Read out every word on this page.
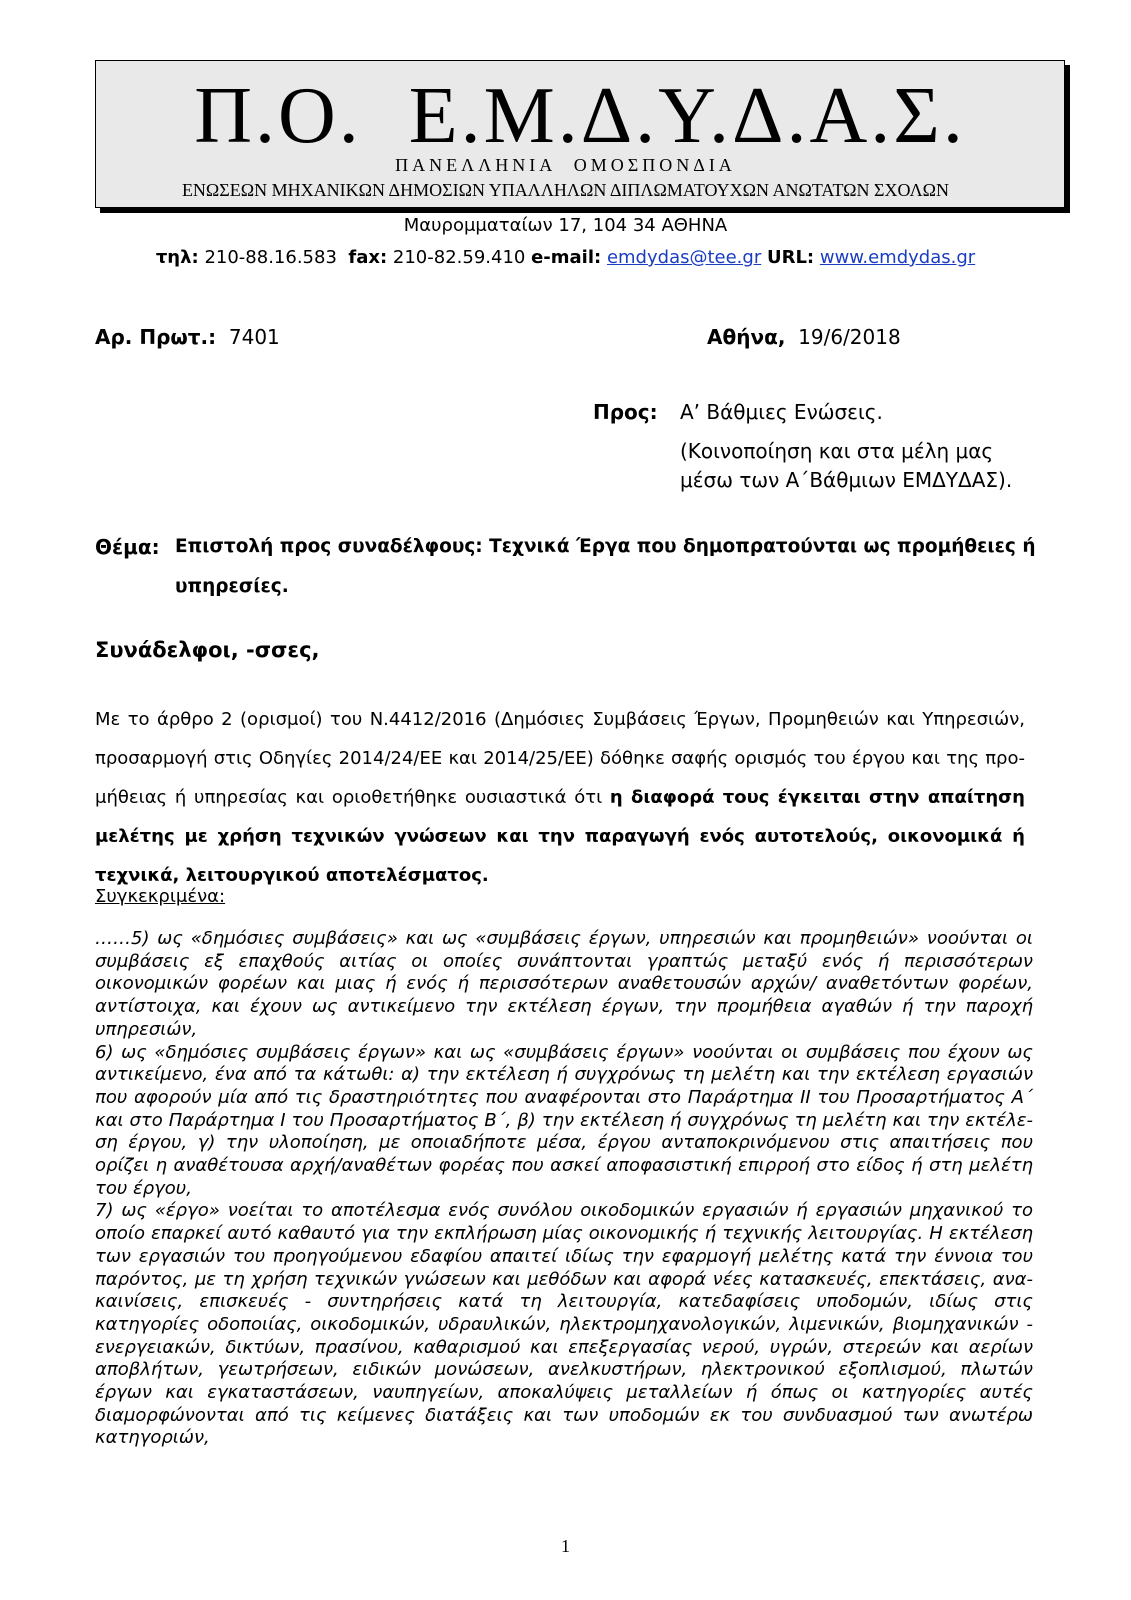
Π.Ο. Ε.Μ.Δ.Υ.Δ.Α.Σ.
ΠΑΝΕΛΛΗΝΙΑ ΟΜΟΣΠΟΝΔΙΑ
ΕΝΩΣΕΩΝ ΜΗΧΑΝΙΚΩΝ ΔΗΜΟΣΙΩΝ ΥΠΑΛΛΗΛΩΝ ΔΙΠΛΩΜΑΤΟΥΧΩΝ ΑΝΩΤΑΤΩΝ ΣΧΟΛΩΝ
Μαυρομματαίων 17, 104 34 ΑΘΗΝΑ
τηλ: 210-88.16.583 fax: 210-82.59.410 e-mail: emdydas@tee.gr URL: www.emdydas.gr
Αρ. Πρωτ.: 7401	Αθήνα, 19/6/2018
Προς: Α’ Βάθμιες Ενώσεις.
(Κοινοποίηση και στα μέλη μας
μέσω των Α΄Βάθμιων ΕΜΔΥΔΑΣ).
Θέμα: Επιστολή προς συναδέλφους: Τεχνικά Έργα που δημοπρατούνται ως προμήθειες ή
υπηρεσίες.
Συνάδελφοι, -σσες,
Με το άρθρο 2 (ορισμοί) του Ν.4412/2016 (Δημόσιες Συμβάσεις Έργων, Προμηθειών και Υπηρεσιών, προσαρμογή στις Οδηγίες 2014/24/ΕΕ και 2014/25/ΕΕ) δόθηκε σαφής ορισμός του έργου και της προμήθειας ή υπηρεσίας και οριοθετήθηκε ουσιαστικά ότι η διαφορά τους έγκειται στην απαίτηση μελέτης με χρήση τεχνικών γνώσεων και την παραγωγή ενός αυτοτελούς, οικονομικά ή τεχνικά, λειτουργικού αποτελέσματος.
Συγκεκριμένα:

……5) ως «δημόσιες συμβάσεις» και ως «συμβάσεις έργων, υπηρεσιών και προμηθειών» νοούνται οι συμβάσεις εξ επαχθούς αιτίας οι οποίες συνάπτονται γραπτώς μεταξύ ενός ή περισσότερων οικονομικών φορέων και μιας ή ενός ή περισσότερων αναθετουσών αρχών/ αναθετόντων φορέων, αντίστοιχα, και έχουν ως αντικείμενο την εκτέλεση έργων, την προμήθεια αγαθών ή την παροχή υπηρεσιών,

6) ως «δημόσιες συμβάσεις έργων» και ως «συμβάσεις έργων» νοούνται οι συμβάσεις που έχουν ως αντικείμενο, ένα από τα κάτωθι: α) την εκτέλεση ή συγχρόνως τη μελέτη και την εκτέλεση εργασιών που αφορούν μία από τις δραστηριότητες που αναφέρονται στο Παράρτημα ΙΙ του Προσαρτήματος Α΄ και στο Παράρτημα Ι του Προσαρτήματος Β΄, β) την εκτέλεση ή συγχρόνως τη μελέτη και την εκτέλεση έργου, γ) την υλοποίηση, με οποιαδήποτε μέσα, έργου ανταποκρινόμενου στις απαιτήσεις που ορίζει η αναθέτουσα αρχή/αναθέτων φορέας που ασκεί αποφασιστική επιρροή στο είδος ή στη μελέτη του έργου,

7) ως «έργο» νοείται το αποτέλεσμα ενός συνόλου οικοδομικών εργασιών ή εργασιών μηχανικού το οποίο επαρκεί αυτό καθαυτό για την εκπλήρωση μίας οικονομικής ή τεχνικής λειτουργίας. Η εκτέλεση των εργασιών του προηγούμενου εδαφίου απαιτεί ιδίως την εφαρμογή μελέτης κατά την έννοια του παρόντος, με τη χρήση τεχνικών γνώσεων και μεθόδων και αφορά νέες κατασκευές, επεκτάσεις, ανακαινίσεις, επισκευές - συντηρήσεις κατά τη λειτουργία, κατεδαφίσεις υποδομών, ιδίως στις κατηγορίες οδοποιίας, οικοδομικών, υδραυλικών, ηλεκτρομηχανολογικών, λιμενικών, βιομηχανικών - ενεργειακών, δικτύων, πρασίνου, καθαρισμού και επεξεργασίας νερού, υγρών, στερεών και αερίων αποβλήτων, γεωτρήσεων, ειδικών μονώσεων, ανελκυστήρων, ηλεκτρονικού εξοπλισμού, πλωτών έργων και εγκαταστάσεων, ναυπηγείων, αποκαλύψεις μεταλλείων ή όπως οι κατηγορίες αυτές διαμορφώνονται από τις κείμενες διατάξεις και των υποδομών εκ του συνδυασμού των ανωτέρω κατηγοριών,

1
